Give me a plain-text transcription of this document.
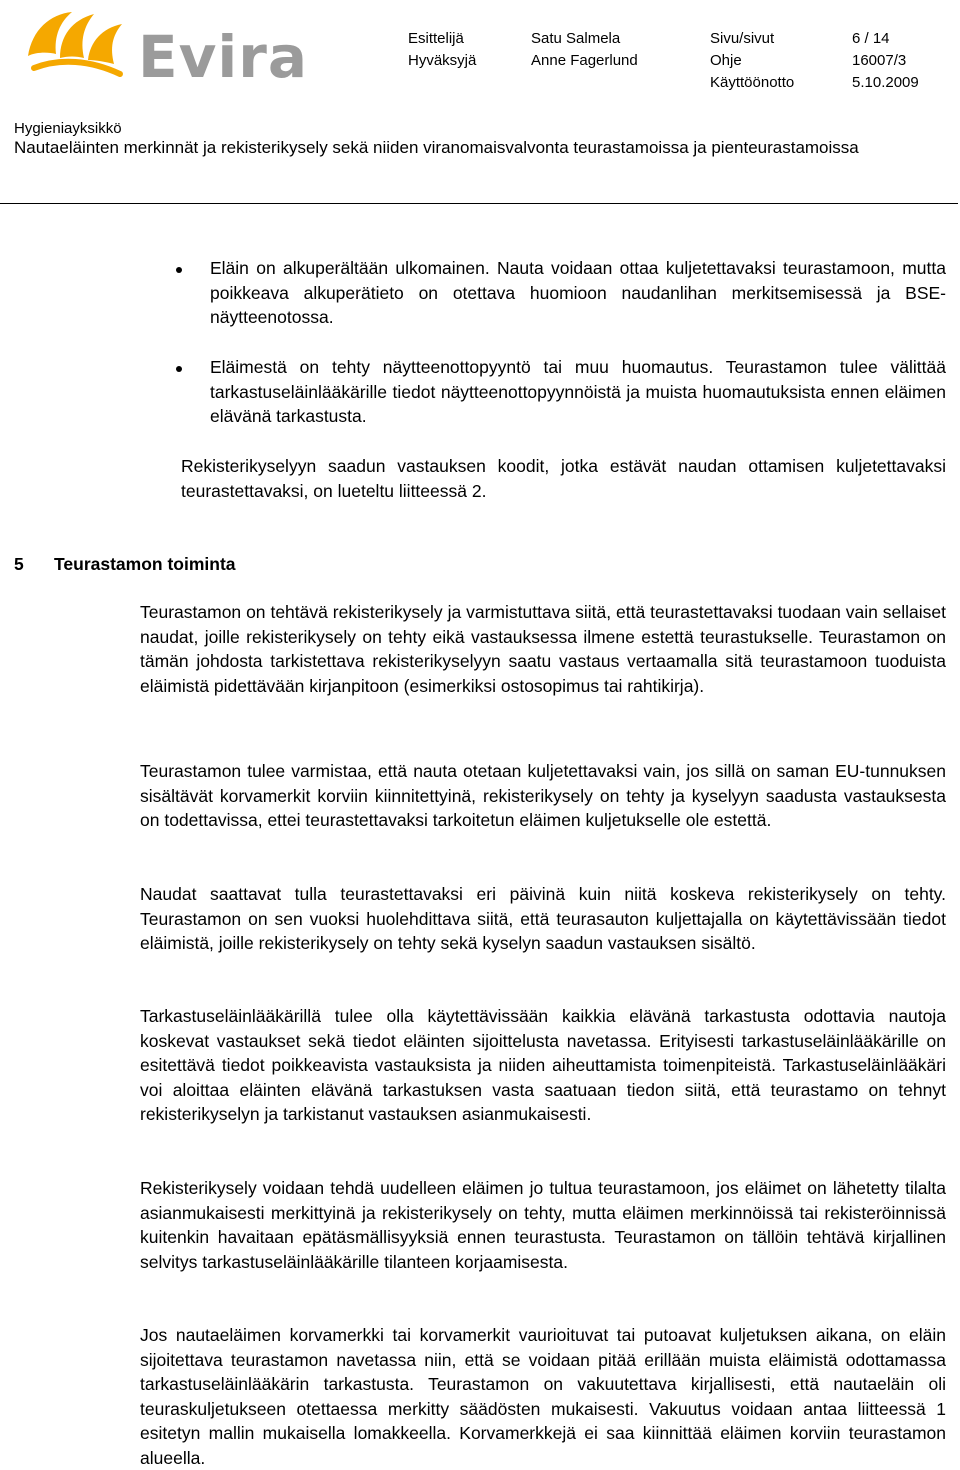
Evira	Esittelijä	Satu Salmela	Sivu/sivut	6 / 14
Hyväksyjä	Anne Fagerlund	Ohje	16007/3
Käyttöönotto	5.10.2009
Hygieniayksikkö
Nautaeläinten merkinnät ja rekisterikysely sekä niiden viranomaisvalvonta teurastamoissa ja pienteurastamoissa
Eläin on alkuperältään ulkomainen. Nauta voidaan ottaa kuljetettavaksi teurastamoon, mutta poikkeava alkuperätieto on otettava huomioon naudanlihan merkitsemisessä ja BSE-näytteenotossa.
Eläimestä on tehty näytteenottopyyntö tai muu huomautus. Teurastamon tulee välittää tarkastuseläinlääkärille tiedot näytteenottopyynnöistä ja muista huomautuksista ennen eläimen elävänä tarkastusta.
Rekisterikyselyyn saadun vastauksen koodit, jotka estävät naudan ottamisen kuljetettavaksi teurastettavaksi, on lueteltu liitteessä 2.
5 Teurastamon toiminta
Teurastamon on tehtävä rekisterikysely ja varmistuttava siitä, että teurastettavaksi tuodaan vain sellaiset naudat, joille rekisterikysely on tehty eikä vastauksessa ilmene estettä teurastukselle. Teurastamon on tämän johdosta tarkistettava rekisterikyselyyn saatu vastaus vertaamalla sitä teurastamoon tuoduista eläimistä pidettävään kirjanpitoon (esimerkiksi ostosopimus tai rahtikirja).
Teurastamon tulee varmistaa, että nauta otetaan kuljetettavaksi vain, jos sillä on saman EU-tunnuksen sisältävät korvamerkit korviin kiinnitettyinä, rekisterikysely on tehty ja kyselyyn saadusta vastauksesta on todettavissa, ettei teurastettavaksi tarkoitetun eläimen kuljetukselle ole estettä.
Naudat saattavat tulla teurastettavaksi eri päivinä kuin niitä koskeva rekisterikysely on tehty. Teurastamon on sen vuoksi huolehdittava siitä, että teurasauton kuljettajalla on käytettävissään tiedot eläimistä, joille rekisterikysely on tehty sekä kyselyn saadun vastauksen sisältö.
Tarkastuseläinlääkärillä tulee olla käytettävissään kaikkia elävänä tarkastusta odottavia nautoja koskevat vastaukset sekä tiedot eläinten sijoittelusta navetassa. Erityisesti tarkastuseläinlääkärille on esitettävä tiedot poikkeavista vastauksista ja niiden aiheuttamista toimenpiteistä. Tarkastuseläinlääkäri voi aloittaa eläinten elävänä tarkastuksen vasta saatuaan tiedon siitä, että teurastamo on tehnyt rekisterikyselyn ja tarkistanut vastauksen asianmukaisesti.
Rekisterikysely voidaan tehdä uudelleen eläimen jo tultua teurastamoon, jos eläimet on lähetetty tilalta asianmukaisesti merkittyinä ja rekisterikysely on tehty, mutta eläimen merkinnöissä tai rekisteröinnissä kuitenkin havaitaan epätäsmällisyyksiä ennen teurastusta. Teurastamon on tällöin tehtävä kirjallinen selvitys tarkastuseläinlääkärille tilanteen korjaamisesta.
Jos nautaeläimen korvamerkki tai korvamerkit vaurioituvat tai putoavat kuljetuksen aikana, on eläin sijoitettava teurastamon navetassa niin, että se voidaan pitää erillään muista eläimistä odottamassa tarkastuseläinlääkärin tarkastusta. Teurastamon on vakuutettava kirjallisesti, että nautaeläin oli teuraskuljetukseen otettaessa merkitty säädösten mukaisesti. Vakuutus voidaan antaa liitteessä 1 esitetyn mallin mukaisella lomakkeella. Korvamerkkejä ei saa kiinnittää eläimen korviin teurastamon alueella.
